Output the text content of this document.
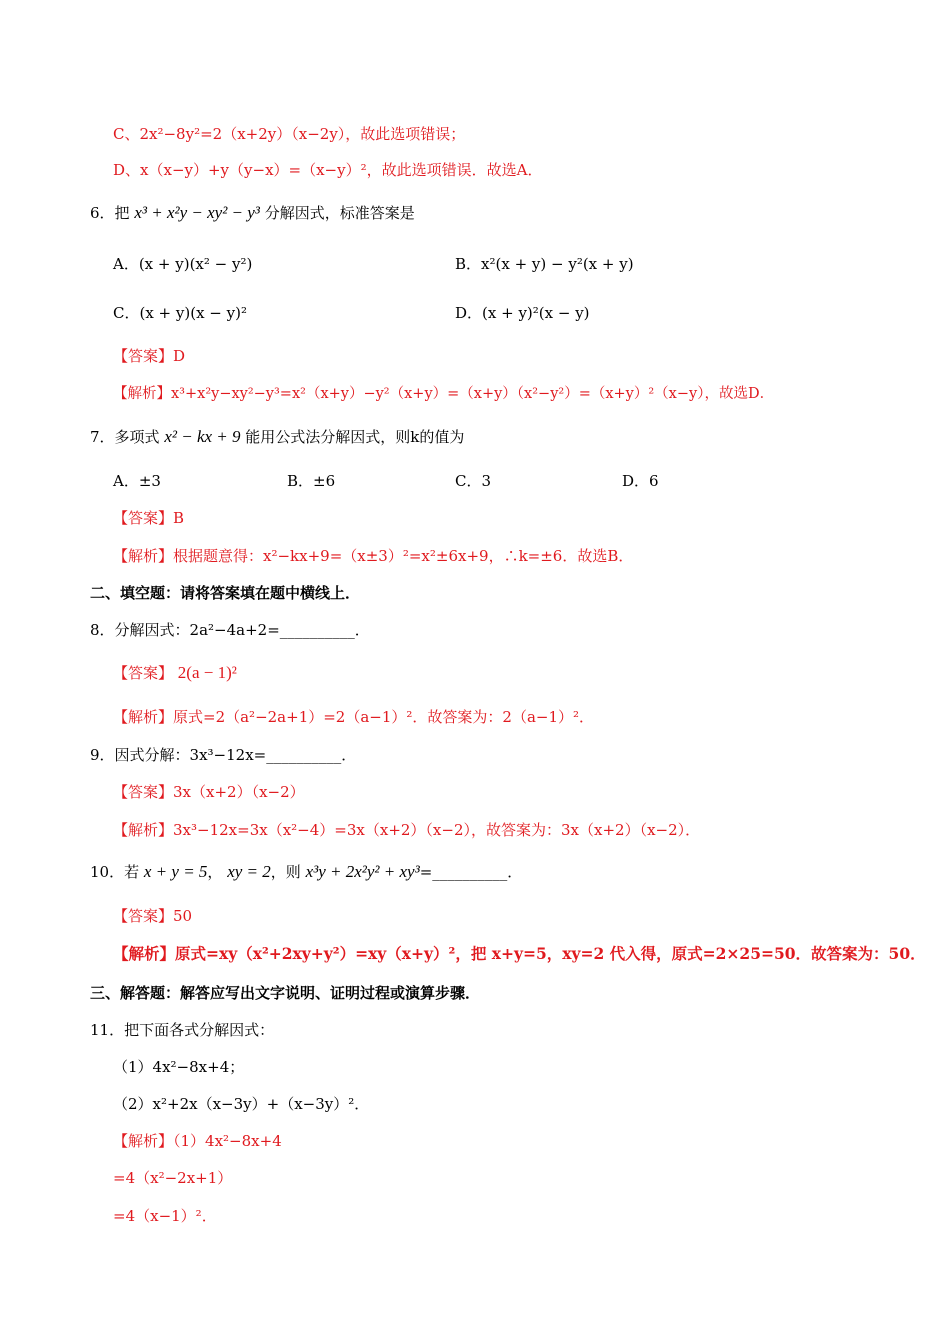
C、2x²−8y²=2（x+2y）（x−2y），故此选项错误；
D、x（x−y）+y（y−x）=（x−y）²，故此选项错误．故选A．
6．把 x³ + x²y − xy² − y³ 分解因式，标准答案是
A．(x + y)(x² − y²)	B．x²(x + y) − y²(x + y)
C．(x + y)(x − y)²	D．(x + y)²(x − y)
【答案】D
【解析】x³+x²y−xy²−y³=x²（x+y）−y²（x+y）=（x+y）（x²−y²）=（x+y）²（x−y），故选D．
7．多项式 x² − kx + 9 能用公式法分解因式，则k的值为
A．±3	B．±6	C．3	D．6
【答案】B
【解析】根据题意得：x²−kx+9=（x±3）²=x²±6x+9，∴k=±6．故选B．
二、填空题：请将答案填在题中横线上．
8．分解因式：2a²−4a+2=__________．
【答案】 2(a − 1)²
【解析】原式=2（a²−2a+1）=2（a−1）²．故答案为：2（a−1）²．
9．因式分解：3x³−12x=__________．
【答案】3x（x+2）（x−2）
【解析】3x³−12x=3x（x²−4）=3x（x+2）（x−2），故答案为：3x（x+2）（x−2）．
10．若 x + y = 5， xy = 2，则 x³y + 2x²y² + xy³=__________．
【答案】50
【解析】原式=xy（x²+2xy+y²）=xy（x+y）²，把 x+y=5，xy=2 代入得，原式=2×25=50．故答案为：50．
三、解答题：解答应写出文字说明、证明过程或演算步骤．
11．把下面各式分解因式：
（1）4x²−8x+4；
（2）x²+2x（x−3y）+（x−3y）²．
【解析】（1）4x²−8x+4
=4（x²−2x+1）
=4（x−1）²．
